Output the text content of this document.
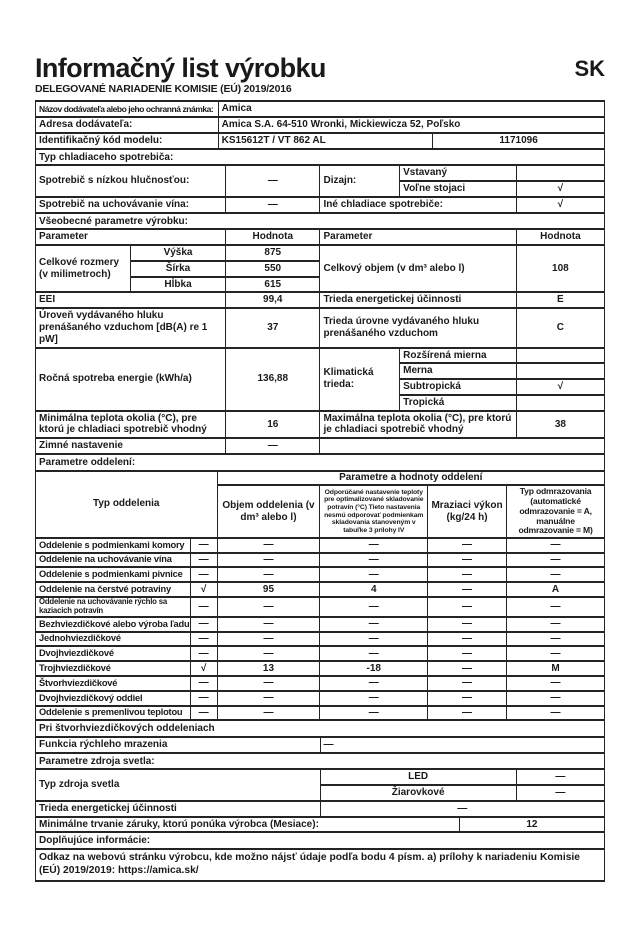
Informačný list výrobku	SK
DELEGOVANÉ NARIADENIE KOMISIE (EÚ) 2019/2016
Názov dodávateľa alebo jeho ochranná známka:	Amica	
Adresa dodávateľa:	Amica S.A. 64-510 Wronki, Mickiewicza 52, Poľsko	
Identifikačný kód modelu:	KS15612T / VT 862 AL	1171096
Typ chladiaceho spotrebiča:
Spotrebič s nízkou hlučnosťou:	—	Dizajn:	Vstavaný	
			Voľne stojaci	√
Spotrebič na uchovávanie vína:	—	Iné chladiace spotrebiče:		√
Všeobecné parametre výrobku:
Parameter		Hodnota	Parameter		Hodnota
Celkové rozmery (v milimetroch)	Výška	875	Celkový objem (v dm³ alebo l)		108
	Šírka	550			
	Hĺbka	615			
EEI		99,4	Trieda energetickej účinnosti		E
Úroveň vydávaného hluku prenášaného vzduchom [dB(A) re 1 pW]		37	Trieda úrovne vydávaného hluku prenášaného vzduchom		C
Ročná spotreba energie (kWh/a)		136,88	Klimatická trieda:	Rozšírená mierna	
				Merna	
				Subtropická	√
				Tropická	
Minimálna teplota okolia (°C), pre ktorú je chladiaci spotrebič vhodný		16	Maximálna teplota okolia (°C), pre ktorú je chladiaci spotrebič vhodný		38
Zimné nastavenie		—			
Parametre oddelení:
Typ oddelenia		Parametre a hodnoty oddelení			
		Objem oddelenia (v dm³ alebo l)	Odporúčané nastavenie teploty pre optimalizované skladovanie potravín (°C) Tieto nastavenia nesmú odporovať podmienkam skladovania stanoveným v tabuľke 3 prílohy IV	Mraziaci výkon (kg/24 h)	Typ odmrazovania (automatické odmrazovanie = A, manuálne odmrazovanie = M)
Oddelenie s podmienkami komory	—	—	—	—	—
Oddelenie na uchovávanie vína	—	—	—	—	—
Oddelenie s podmienkami pivnice	—	—	—	—	—
Oddelenie na čerstvé potraviny	√	95	4	—	A
Oddelenie na uchovávanie rýchlo sa kaziacich potravín	—	—	—	—	—
Bezhviezdičkové alebo výroba ľadu	—	—	—	—	—
Jednohviezdičkové	—	—	—	—	—
Dvojhviezdičkové	—	—	—	—	—
Trojhviezdičkové	√	13	-18	—	M
Štvorhviezdičkové	—	—	—	—	—
Dvojhviezdičkový oddiel	—	—	—	—	—
Oddelenie s premenlivou teplotou	—	—	—	—	—
Pri štvorhviezdičkových oddeleniach
Funkcia rýchleho mrazenia	—
Parametre zdroja svetla:
Typ zdroja svetla	LED	—
	Žiarovkové	—
Trieda energetickej účinnosti	—	
Minimálne trvanie záruky, ktorú ponúka výrobca (Mesiace):	12
Doplňujúce informácie:
Odkaz na webovú stránku výrobcu, kde možno nájsť údaje podľa bodu 4 písm. a) prílohy k nariadeniu Komisie (EÚ) 2019/2019: https://amica.sk/
